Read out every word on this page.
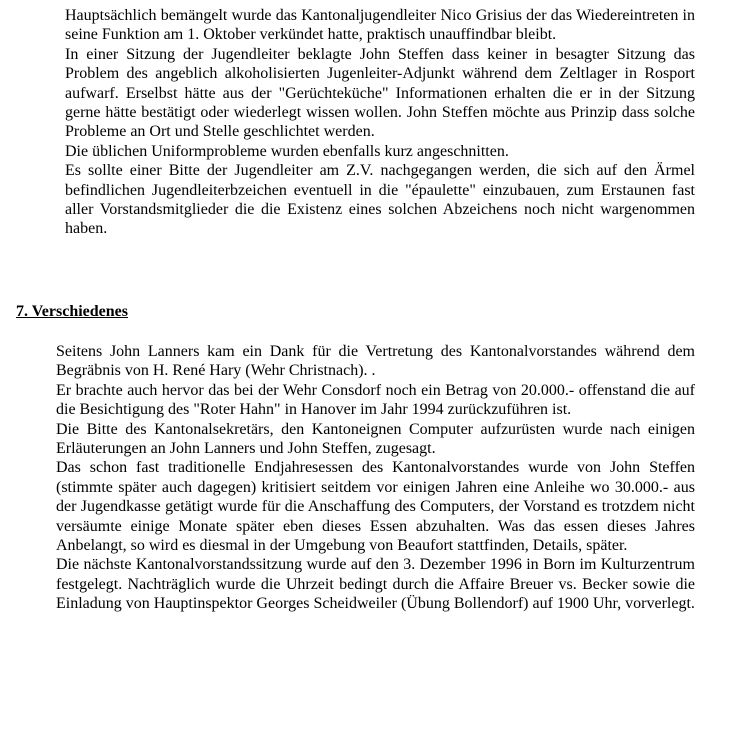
Hauptsächlich bemängelt wurde das Kantonaljugendleiter Nico Grisius der das Wiedereintreten in seine Funktion am 1. Oktober verkündet hatte, praktisch unauffindbar bleibt.

In einer Sitzung der Jugendleiter beklagte John Steffen dass keiner in besagter Sitzung das Problem des angeblich alkoholisierten Jugenleiter-Adjunkt während dem Zeltlager in Rosport aufwarf. Erselbst hätte aus der "Gerüchteküche" Informationen erhalten die er in der Sitzung gerne hätte bestätigt oder wiederlegt wissen wollen. John Steffen möchte aus Prinzip dass solche Probleme an Ort und Stelle geschlichtet werden.

Die üblichen Uniformprobleme wurden ebenfalls kurz angeschnitten.

Es sollte einer Bitte der Jugendleiter am Z.V. nachgegangen werden, die sich auf den Ärmel befindlichen Jugendleiterbzeichen eventuell in die "épaulette" einzubauen, zum Erstaunen fast aller Vorstandsmitglieder die die Existenz eines solchen Abzeichens noch nicht wargenommen haben.

7. Verschiedenes

Seitens John Lanners kam ein Dank für die Vertretung des Kantonalvorstandes während dem Begräbnis von H. René Hary (Wehr Christnach). .

Er brachte auch hervor das bei der Wehr Consdorf noch ein Betrag von 20.000.- offenstand die auf die Besichtigung des "Roter Hahn" in Hanover im Jahr 1994 zurückzuführen ist.

Die Bitte des Kantonalsekretärs, den Kantoneignen Computer aufzurüsten wurde nach einigen Erläuterungen an John Lanners und John Steffen, zugesagt.

Das schon fast traditionelle Endjahresessen des Kantonalvorstandes wurde von John Steffen (stimmte später auch dagegen) kritisiert seitdem vor einigen Jahren eine Anleihe wo 30.000.- aus der Jugendkasse getätigt wurde für die Anschaffung des Computers, der Vorstand es trotzdem nicht versäumte einige Monate später eben dieses Essen abzuhalten. Was das essen dieses Jahres Anbelangt, so wird es diesmal in der Umgebung von Beaufort stattfinden, Details, später.

Die nächste Kantonalvorstandssitzung wurde auf den 3. Dezember 1996 in Born im Kulturzentrum festgelegt. Nachträglich wurde die Uhrzeit bedingt durch die Affaire Breuer vs. Becker sowie die Einladung von Hauptinspektor Georges Scheidweiler (Übung Bollendorf) auf 1900 Uhr, vorverlegt.
